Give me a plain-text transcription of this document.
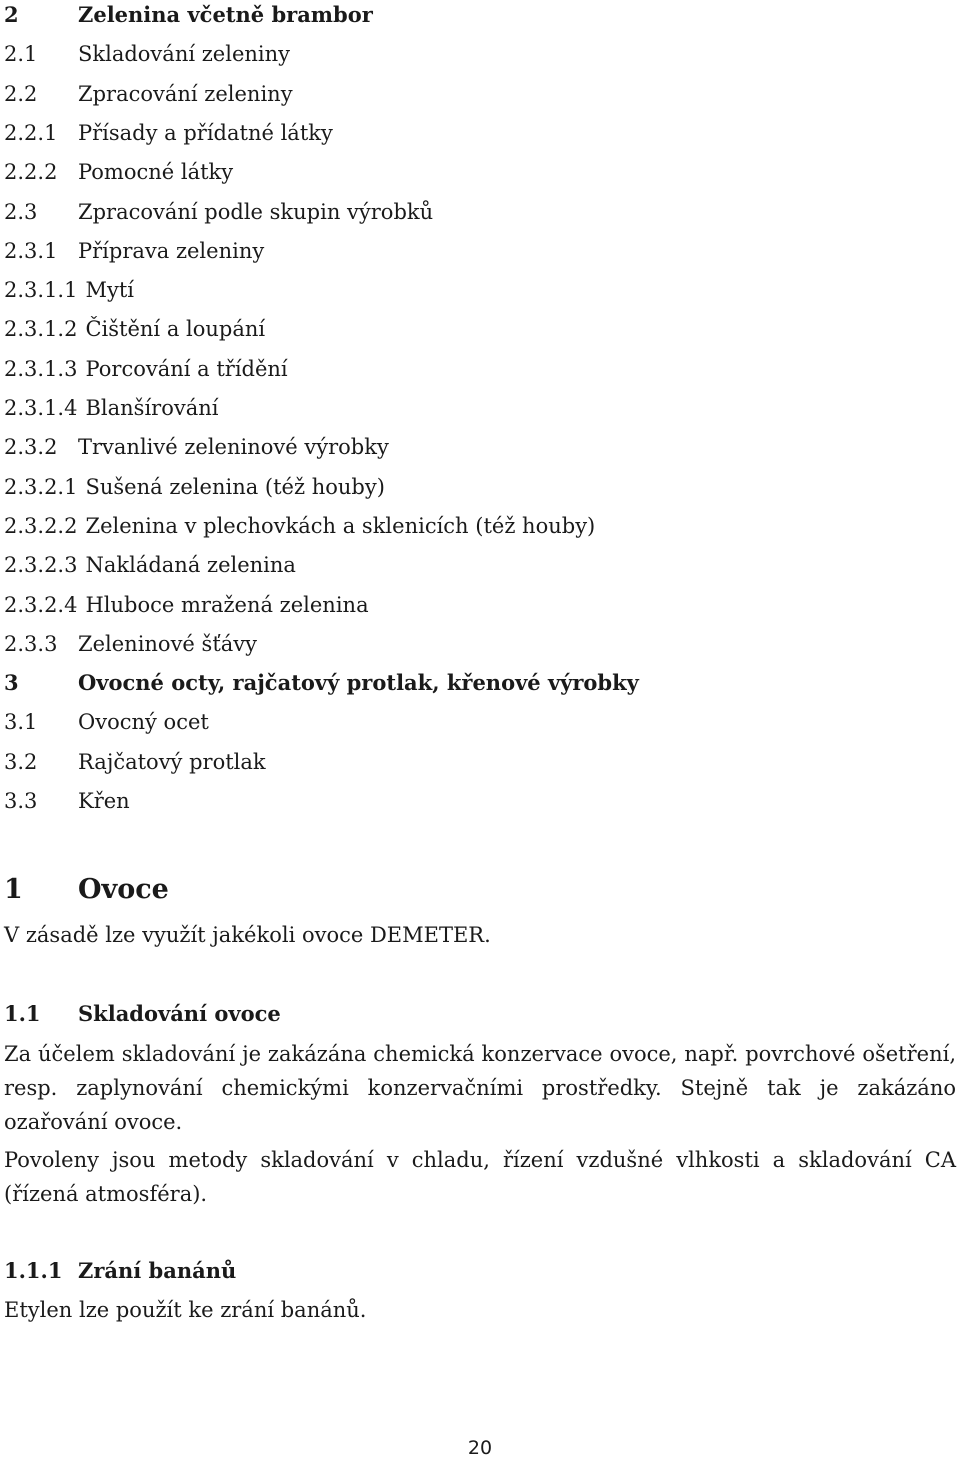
2	Zelenina včetně brambor
2.1 Skladování zeleniny
2.2 Zpracování zeleniny
2.2.1 Přísady a přídatné látky
2.2.2 Pomocné látky
2.3 Zpracování podle skupin výrobků
2.3.1 Příprava zeleniny
2.3.1.1 Mytí
2.3.1.2 Čištění a loupání
2.3.1.3 Porcování a třídění
2.3.1.4 Blanšírování
2.3.2 Trvanlivé zeleninové výrobky
2.3.2.1 Sušená zelenina (též houby)
2.3.2.2 Zelenina v plechovkách a sklenicích (též houby)
2.3.2.3 Nakládaná zelenina
2.3.2.4 Hluboce mražená zelenina
2.3.3 Zeleninové šťávy
3	Ovocné octy, rajčatový protlak, křenové výrobky
3.1 Ovocný ocet
3.2 Rajčatový protlak
3.3 Křen
1 Ovoce
V zásadě lze využít jakékoli ovoce DEMETER.
1.1 Skladování ovoce
Za účelem skladování je zakázána chemická konzervace ovoce, např. povrchové ošetření, resp. zaplynování chemickými konzervačními prostředky. Stejně tak je zakázáno ozařování ovoce.
Povoleny jsou metody skladování v chladu, řízení vzdušné vlhkosti a skladování CA (řízená atmosféra).
1.1.1 Zrání banánů
Etylen lze použít ke zrání banánů.
20
